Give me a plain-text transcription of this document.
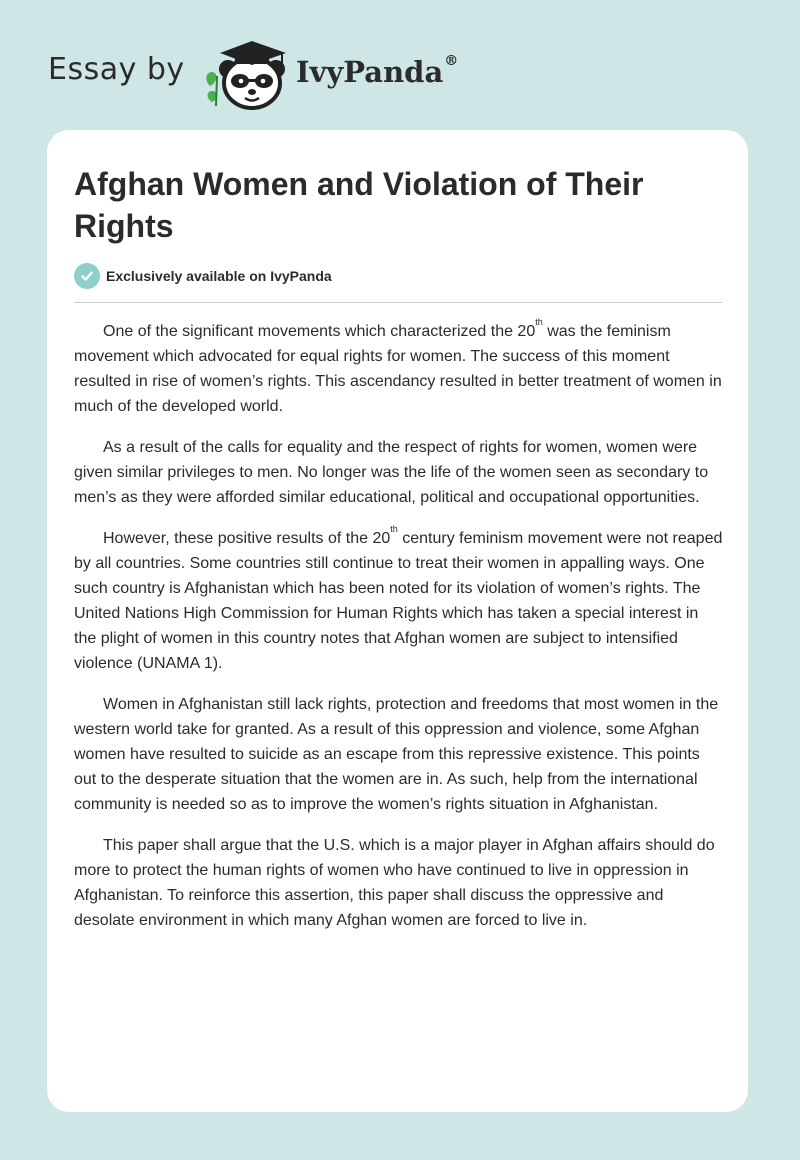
Essay by	IvyPanda®
Afghan Women and Violation of Their Rights
Exclusively available on IvyPanda

One of the significant movements which characterized the 20th was the feminism movement which advocated for equal rights for women. The success of this moment resulted in rise of women’s rights. This ascendancy resulted in better treatment of women in much of the developed world.

As a result of the calls for equality and the respect of rights for women, women were given similar privileges to men. No longer was the life of the women seen as secondary to men’s as they were afforded similar educational, political and occupational opportunities.

However, these positive results of the 20th century feminism movement were not reaped by all countries. Some countries still continue to treat their women in appalling ways. One such country is Afghanistan which has been noted for its violation of women’s rights. The United Nations High Commission for Human Rights which has taken a special interest in the plight of women in this country notes that Afghan women are subject to intensified violence (UNAMA 1).

Women in Afghanistan still lack rights, protection and freedoms that most women in the western world take for granted. As a result of this oppression and violence, some Afghan women have resulted to suicide as an escape from this repressive existence. This points out to the desperate situation that the women are in. As such, help from the international community is needed so as to improve the women’s rights situation in Afghanistan.

This paper shall argue that the U.S. which is a major player in Afghan affairs should do more to protect the human rights of women who have continued to live in oppression in Afghanistan. To reinforce this assertion, this paper shall discuss the oppressive and desolate environment in which many Afghan women are forced to live in.
